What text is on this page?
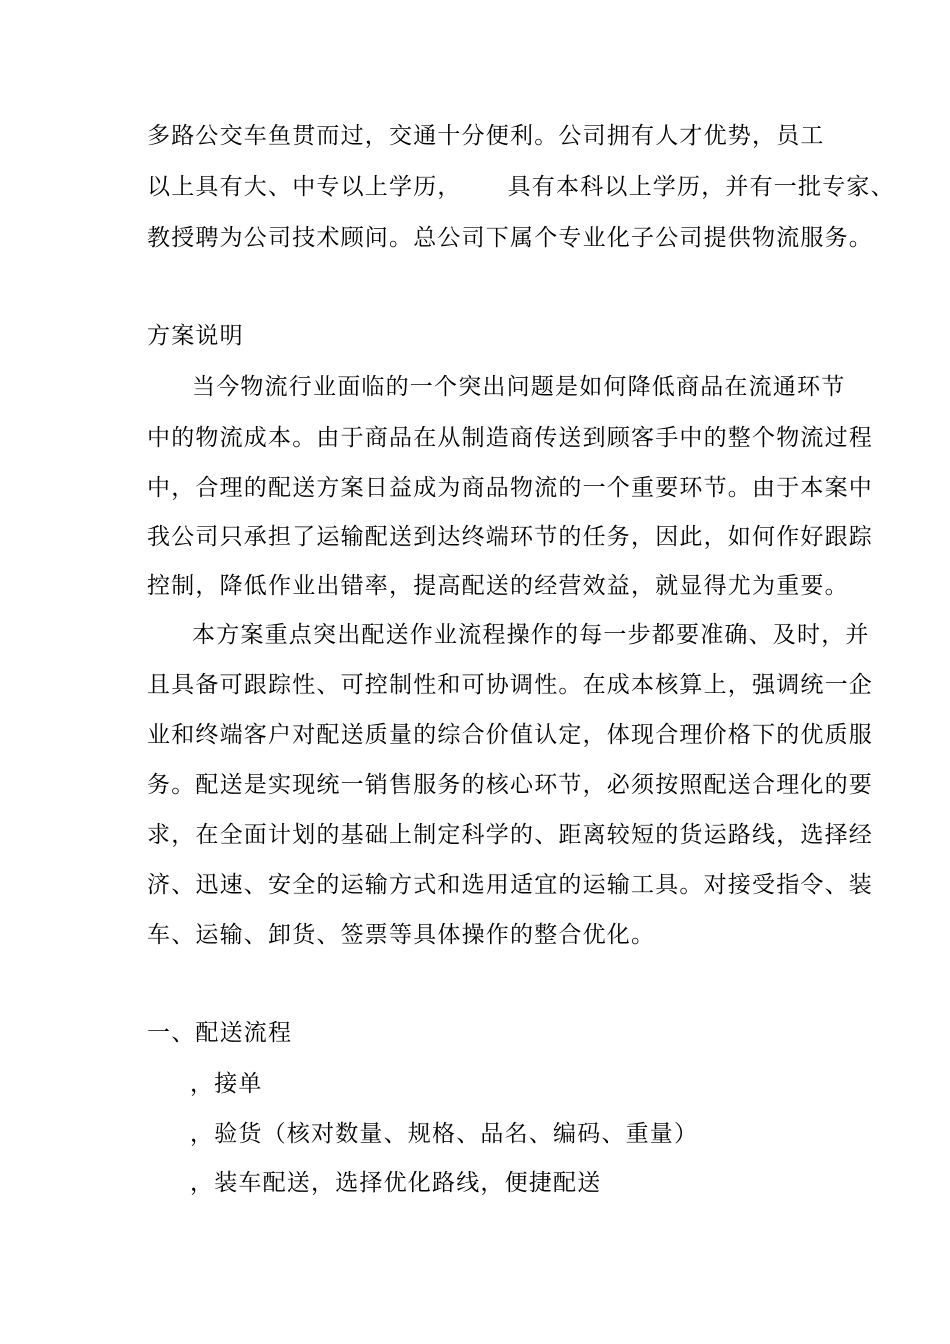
多路公交车鱼贯而过，交通十分便利。公司拥有人才优势，员工
以上具有大、中专以上学历， 具有本科以上学历，并有一批专家、
教授聘为公司技术顾问。总公司下属个专业化子公司提供物流服务。
方案说明
当今物流行业面临的一个突出问题是如何降低商品在流通环节
中的物流成本。由于商品在从制造商传送到顾客手中的整个物流过程
中，合理的配送方案日益成为商品物流的一个重要环节。由于本案中
我公司只承担了运输配送到达终端环节的任务，因此，如何作好跟踪
控制，降低作业出错率，提高配送的经营效益，就显得尤为重要。
本方案重点突出配送作业流程操作的每一步都要准确、及时，并
且具备可跟踪性、可控制性和可协调性。在成本核算上，强调统一企
业和终端客户对配送质量的综合价值认定，体现合理价格下的优质服
务。配送是实现统一销售服务的核心环节，必须按照配送合理化的要
求，在全面计划的基础上制定科学的、距离较短的货运路线，选择经
济、迅速、安全的运输方式和选用适宜的运输工具。对接受指令、装
车、运输、卸货、签票等具体操作的整合优化。
一、配送流程
，接单
，验货（核对数量、规格、品名、编码、重量）
，装车配送，选择优化路线，便捷配送
